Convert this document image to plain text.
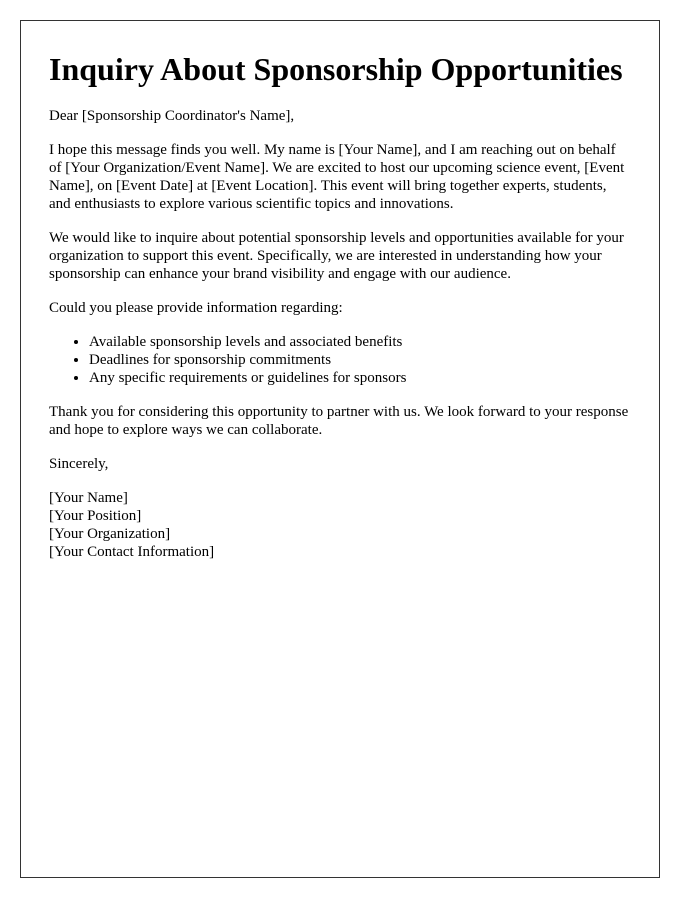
Inquiry About Sponsorship Opportunities

Dear [Sponsorship Coordinator's Name],

I hope this message finds you well. My name is [Your Name], and I am reaching out on behalf of [Your Organization/Event Name]. We are excited to host our upcoming science event, [Event Name], on [Event Date] at [Event Location]. This event will bring together experts, students, and enthusiasts to explore various scientific topics and innovations.

We would like to inquire about potential sponsorship levels and opportunities available for your organization to support this event. Specifically, we are interested in understanding how your sponsorship can enhance your brand visibility and engage with our audience.

Could you please provide information regarding:

• Available sponsorship levels and associated benefits
• Deadlines for sponsorship commitments
• Any specific requirements or guidelines for sponsors

Thank you for considering this opportunity to partner with us. We look forward to your response and hope to explore ways we can collaborate.

Sincerely,

[Your Name]
[Your Position]
[Your Organization]
[Your Contact Information]
